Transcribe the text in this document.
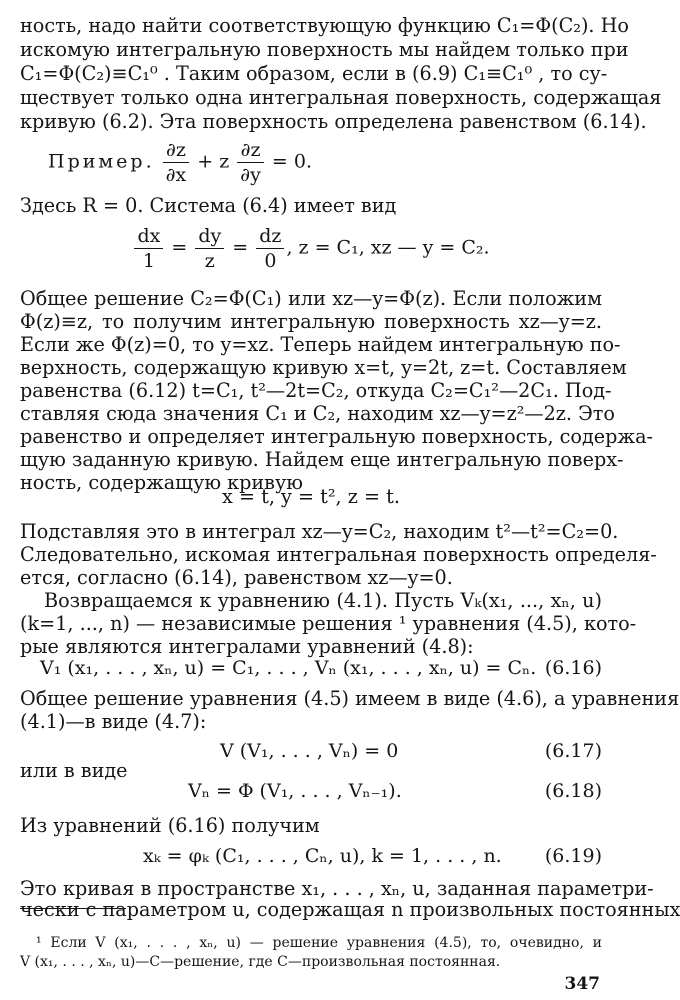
ность, надо найти соответствующую функцию C₁=Φ(C₂). Но
искомую интегральную поверхность мы найдем только при
C₁=Φ(C₂)≡C₁⁰ . Таким образом, если в (6.9) C₁≡C₁⁰ , то су-
ществует только одна интегральная поверхность, содержащая
кривую (6.2). Эта поверхность определена равенством (6.14).
Пример. $\frac{\partial z}{\partial x} + z \frac{\partial z}{\partial y} = 0$.
Здесь R = 0. Система (6.4) имеет вид
$\frac{dx}{1} = \frac{dy}{z} = \frac{dz}{0}$ , z = C₁, xz — y = C₂.
Общее решение C₂=Φ(C₁) или xz—y=Φ(z). Если положим
Φ(z)≡z, то получим интегральную поверхность xz—y=z.
Если же Φ(z)=0, то y=xz. Теперь найдем интегральную по-
верхность, содержащую кривую x=t, y=2t, z=t. Составляем
равенства (6.12) t=C₁, t²—2t=C₂, откуда C₂=C₁²—2C₁. Под-
ставляя сюда значения C₁ и C₂, находим xz—y=z²—2z. Это
равенство и определяет интегральную поверхность, содержа-
щую заданную кривую. Найдем еще интегральную поверх-
ность, содержащую кривую
x = t, y = t², z = t.
Подставляя это в интеграл xz—y=C₂, находим t²—t²=C₂=0.
Следовательно, искомая интегральная поверхность определя-
ется, согласно (6.14), равенством xz—y=0.
Возвращаемся к уравнению (4.1). Пусть Vₖ(x₁, ..., xₙ, u)
(k=1, ..., n) — независимые решения ¹ уравнения (4.5), кото-
рые являются интегралами уравнений (4.8):
V₁ (x₁, . . . , xₙ, u) = C₁, . . . , Vₙ (x₁, . . . , xₙ, u) = Cₙ. (6.16)
Общее решение уравнения (4.5) имеем в виде (4.6), а уравнения
(4.1)—в виде (4.7):
V (V₁, . . . , Vₙ) = 0	(6.17)
или в виде
Vₙ = Φ (V₁, . . . , Vₙ₋₁).	(6.18)
Из уравнений (6.16) получим
xₖ = φₖ (C₁, . . . , Cₙ, u), k = 1, . . . , n.	(6.19)
Это кривая в пространстве x₁, . . . , xₙ, u, заданная параметри-
чески с параметром u, содержащая n произвольных постоянных
¹ Если V (x₁, . . . , xₙ, u) — решение уравнения (4.5), то, очевидно, и
V (x₁, . . . , xₙ, u)—C—решение, где C—произвольная постоянная.
347
